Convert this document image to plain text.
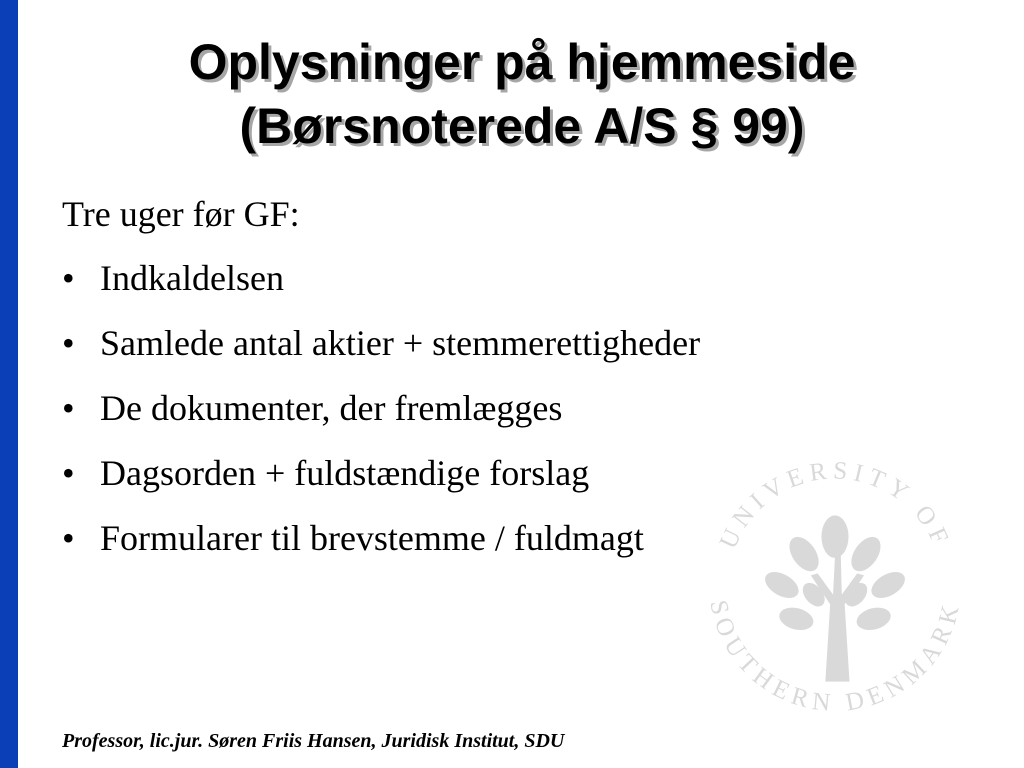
Oplysninger på hjemmeside
(Børsnoterede A/S § 99)
Tre uger før GF:
• Indkaldelsen
• Samlede antal aktier + stemmerettigheder
• De dokumenter, der fremlægges
• Dagsorden + fuldstændige forslag
• Formularer til brevstemme / fuldmagt	UNIVERSITY OF
SOUTHERN DENMARK
Professor, lic.jur. Søren Friis Hansen, Juridisk Institut, SDU
